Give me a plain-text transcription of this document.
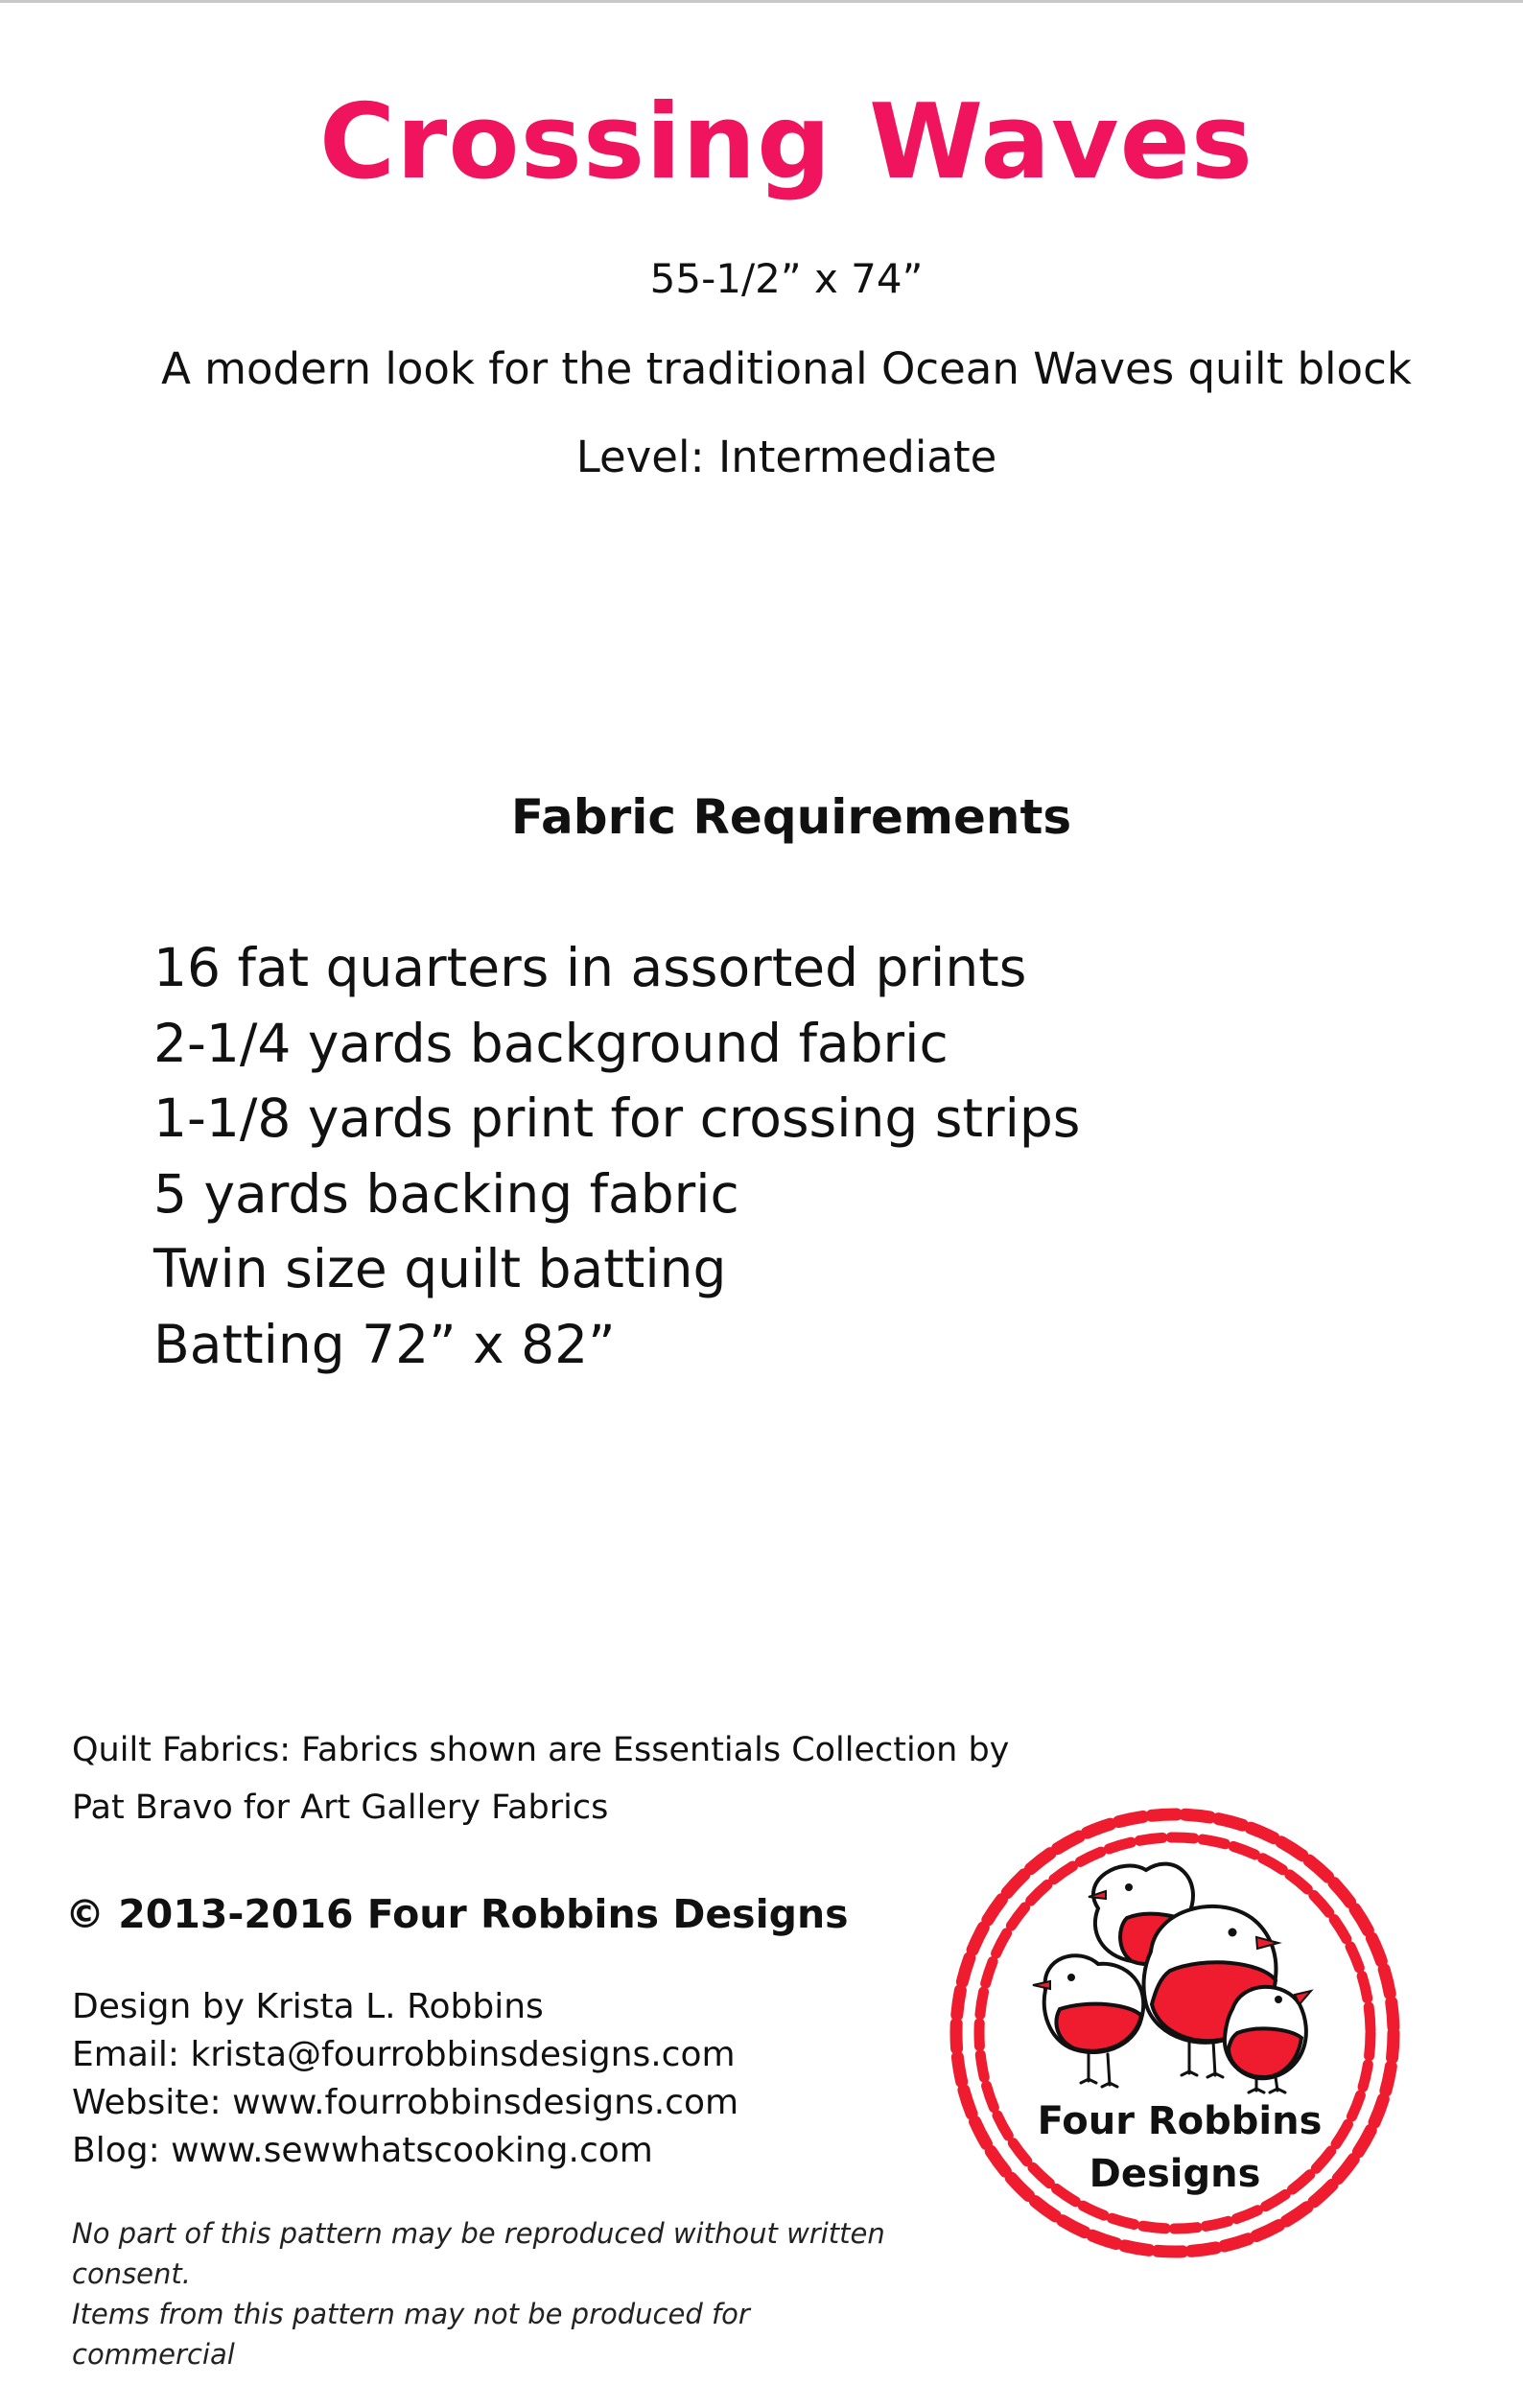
Crossing Waves
55-1/2” x 74”
A modern look for the traditional Ocean Waves quilt block
Level: Intermediate
Fabric Requirements
16 fat quarters in assorted prints
2-1/4 yards background fabric
1-1/8 yards print for crossing strips
5 yards backing fabric
Twin size quilt batting
Batting 72” x 82”
Quilt Fabrics: Fabrics shown are Essentials Collection by
Pat Bravo for Art Gallery Fabrics
© 2013-2016 Four Robbins Designs
Design by Krista L. Robbins
Email: krista@fourrobbinsdesigns.com
Website: www.fourrobbinsdesigns.com
Blog: www.sewwhatscooking.com
No part of this pattern may be reproduced without written
consent.
Items from this pattern may not be produced for commercial
Four Robbins
Designs
